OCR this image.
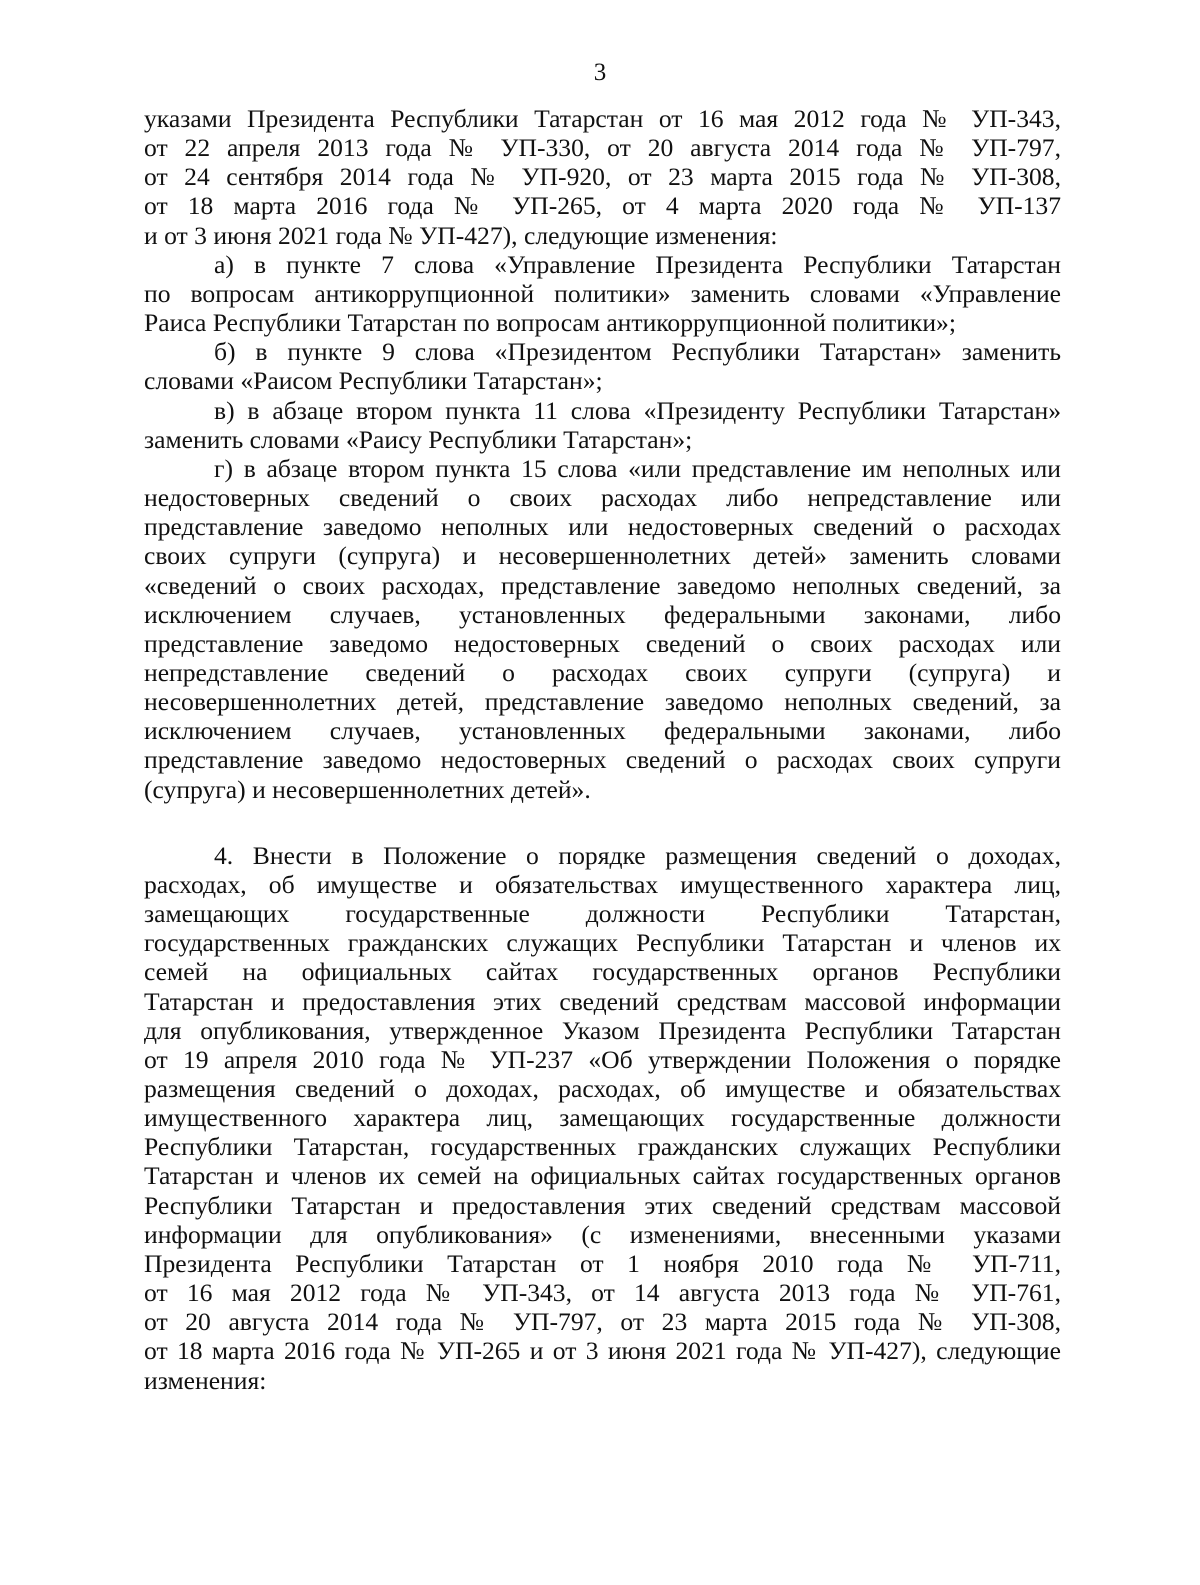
3

указами Президента Республики Татарстан от 16 мая 2012 года № УП-343,
от 22 апреля 2013 года № УП-330, от 20 августа 2014 года № УП-797,
от 24 сентября 2014 года № УП-920, от 23 марта 2015 года № УП-308,
от 18 марта 2016 года № УП-265, от 4 марта 2020 года № УП-137
и от 3 июня 2021 года № УП-427), следующие изменения:

а) в пункте 7 слова «Управление Президента Республики Татарстан
по вопросам антикоррупционной политики» заменить словами «Управление
Раиса Республики Татарстан по вопросам антикоррупционной политики»;

б) в пункте 9 слова «Президентом Республики Татарстан» заменить
словами «Раисом Республики Татарстан»;

в) в абзаце втором пункта 11 слова «Президенту Республики Татарстан»
заменить словами «Раису Республики Татарстан»;

г) в абзаце втором пункта 15 слова «или представление им неполных или
недостоверных сведений о своих расходах либо непредставление или
представление заведомо неполных или недостоверных сведений о расходах
своих супруги (супруга) и несовершеннолетних детей» заменить словами
«сведений о своих расходах, представление заведомо неполных сведений, за
исключением случаев, установленных федеральными законами, либо
представление заведомо недостоверных сведений о своих расходах или
непредставление сведений о расходах своих супруги (супруга) и
несовершеннолетних детей, представление заведомо неполных сведений, за
исключением случаев, установленных федеральными законами, либо
представление заведомо недостоверных сведений о расходах своих супруги
(супруга) и несовершеннолетних детей».

4. Внести в Положение о порядке размещения сведений о доходах,
расходах, об имуществе и обязательствах имущественного характера лиц,
замещающих государственные должности Республики Татарстан,
государственных гражданских служащих Республики Татарстан и членов их
семей на официальных сайтах государственных органов Республики
Татарстан и предоставления этих сведений средствам массовой информации
для опубликования, утвержденное Указом Президента Республики Татарстан
от 19 апреля 2010 года № УП-237 «Об утверждении Положения о порядке
размещения сведений о доходах, расходах, об имуществе и обязательствах
имущественного характера лиц, замещающих государственные должности
Республики Татарстан, государственных гражданских служащих Республики
Татарстан и членов их семей на официальных сайтах государственных органов
Республики Татарстан и предоставления этих сведений средствам массовой
информации для опубликования» (с изменениями, внесенными указами
Президента Республики Татарстан от 1 ноября 2010 года № УП-711,
от 16 мая 2012 года № УП-343, от 14 августа 2013 года № УП-761,
от 20 августа 2014 года № УП-797, от 23 марта 2015 года № УП-308,
от 18 марта 2016 года № УП-265 и от 3 июня 2021 года № УП-427), следующие
изменения:
